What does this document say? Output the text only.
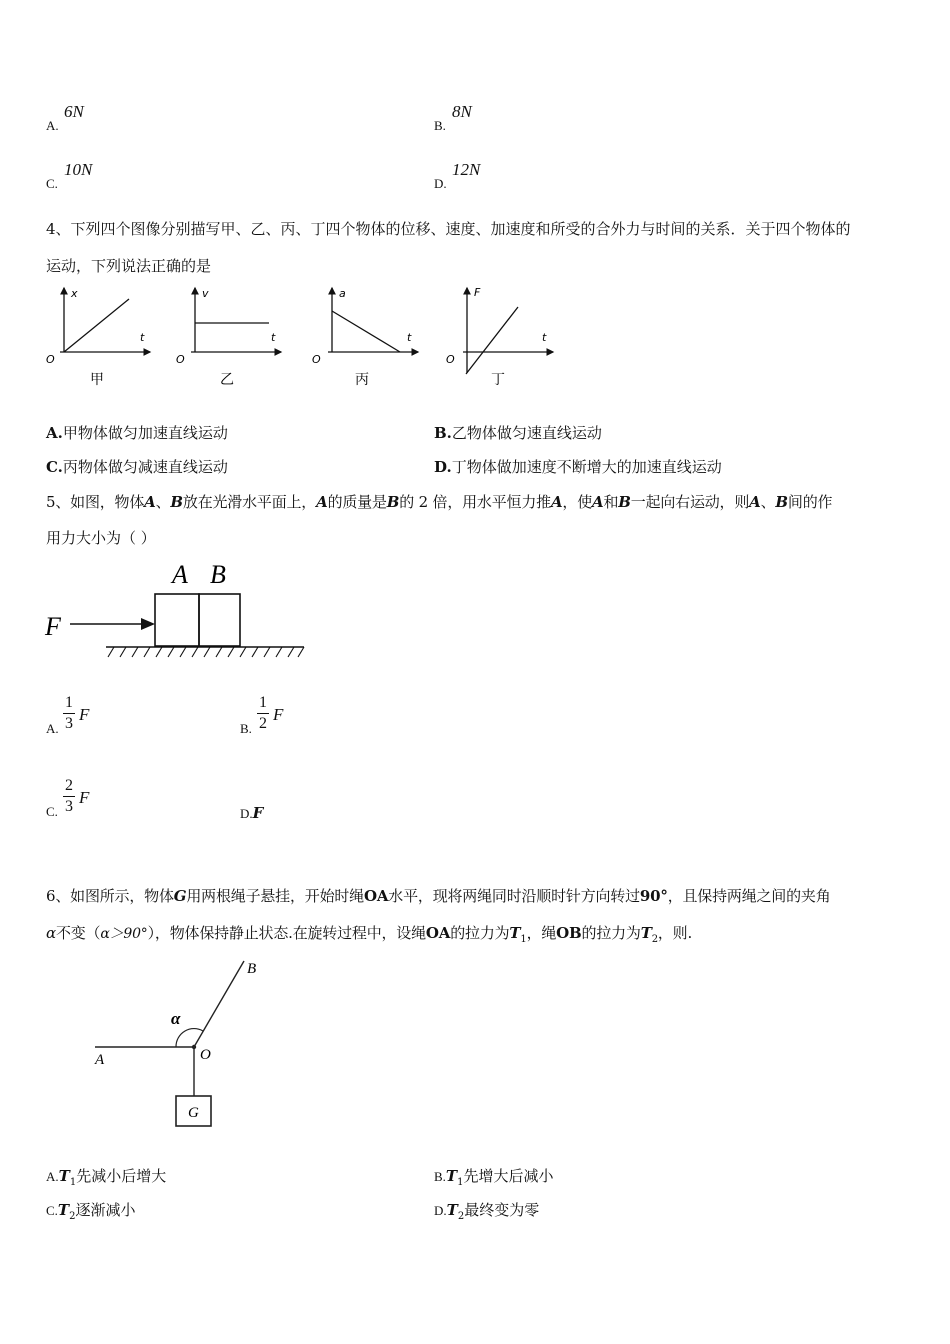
A.
6N
B.
8N
C.
10N
D.
12N
4、下列四个图像分别描写甲、乙、丙、丁四个物体的位移、速度、加速度和所受的合外力与时间的关系．关于四个物体的
运动，下列说法正确的是
x
t
O
甲
v
t
O
乙
a
t
O
丙
F
t
O
丁
A.甲物体做匀加速直线运动	B.乙物体做匀速直线运动
C.丙物体做匀减速直线运动	D.丁物体做加速度不断增大的加速直线运动
5、如图，物体A、B放在光滑水平面上，A的质量是B的 2 倍，用水平恒力推A，使A和B一起向右运动，则A、B间的作
用力大小为（ ）
F
A B
A.
1
3 F
B.
1
2 F
C.
2
3 F
D.F
6、如图所示，物体G用两根绳子悬挂，开始时绳OA水平，现将两绳同时沿顺时针方向转过90°，且保持两绳之间的夹角
α不变（α＞90°），物体保持静止状态.在旋转过程中，设绳OA的拉力为$T_1$，绳OB的拉力为$T_2$，则.
A
B
O
G
α
$A.T_1$先减小后增大	$B.T_1$先增大后减小
$C.T_2$逐渐减小	$D.T_2$最终变为零
